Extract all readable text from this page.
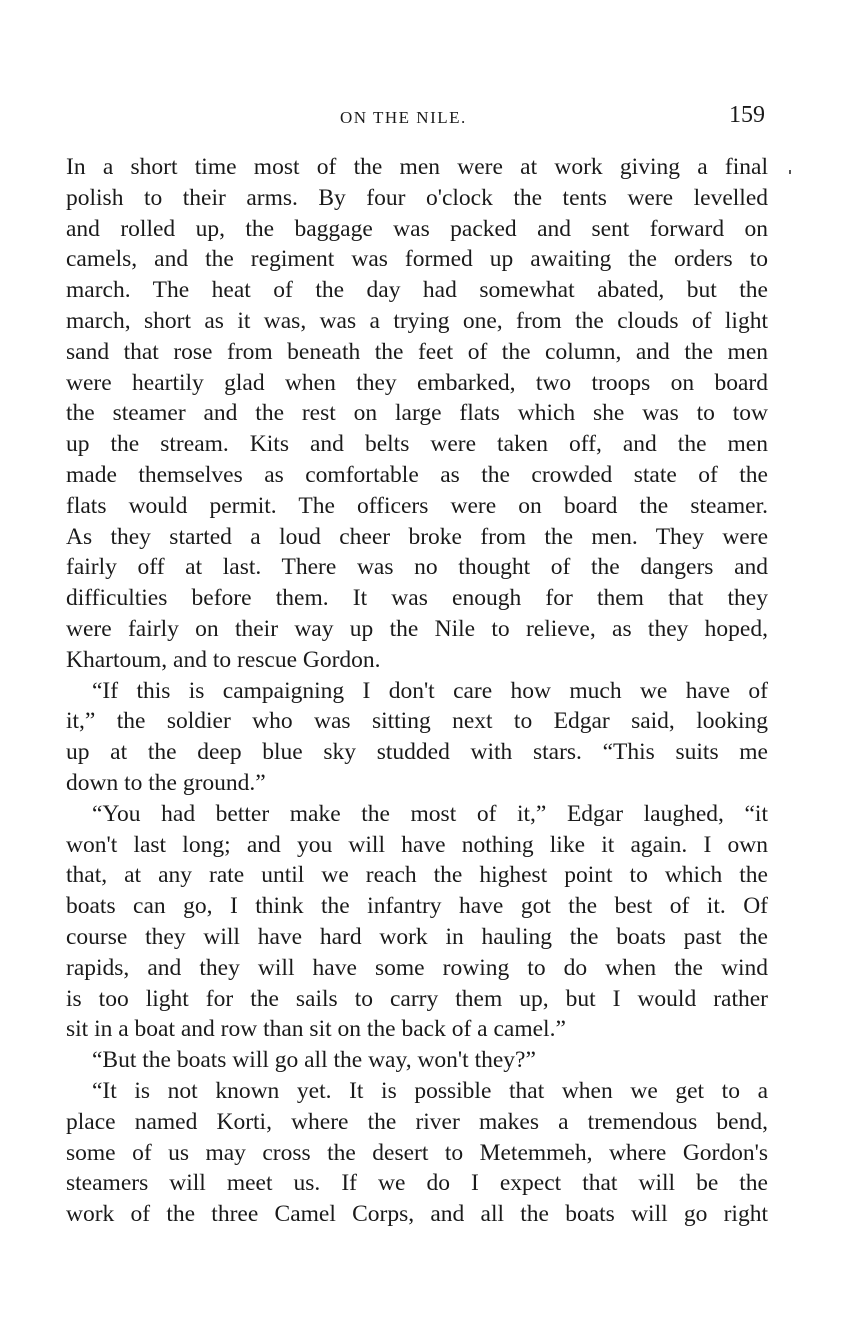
ON THE NILE.	159
In a short time most of the men were at work giving a final
polish to their arms. By four o'clock the tents were levelled
and rolled up, the baggage was packed and sent forward on
camels, and the regiment was formed up awaiting the orders to
march. The heat of the day had somewhat abated, but the
march, short as it was, was a trying one, from the clouds of light
sand that rose from beneath the feet of the column, and the men
were heartily glad when they embarked, two troops on board
the steamer and the rest on large flats which she was to tow
up the stream. Kits and belts were taken off, and the men
made themselves as comfortable as the crowded state of the
flats would permit. The officers were on board the steamer.
As they started a loud cheer broke from the men. They were
fairly off at last. There was no thought of the dangers and
difficulties before them. It was enough for them that they
were fairly on their way up the Nile to relieve, as they hoped,
Khartoum, and to rescue Gordon.
“If this is campaigning I don't care how much we have of
it,” the soldier who was sitting next to Edgar said, looking
up at the deep blue sky studded with stars. “This suits me
down to the ground.”
“You had better make the most of it,” Edgar laughed, “it
won't last long; and you will have nothing like it again. I own
that, at any rate until we reach the highest point to which the
boats can go, I think the infantry have got the best of it. Of
course they will have hard work in hauling the boats past the
rapids, and they will have some rowing to do when the wind
is too light for the sails to carry them up, but I would rather
sit in a boat and row than sit on the back of a camel.”
“But the boats will go all the way, won't they?”
“It is not known yet. It is possible that when we get to a
place named Korti, where the river makes a tremendous bend,
some of us may cross the desert to Metemmeh, where Gordon's
steamers will meet us. If we do I expect that will be the
work of the three Camel Corps, and all the boats will go right
